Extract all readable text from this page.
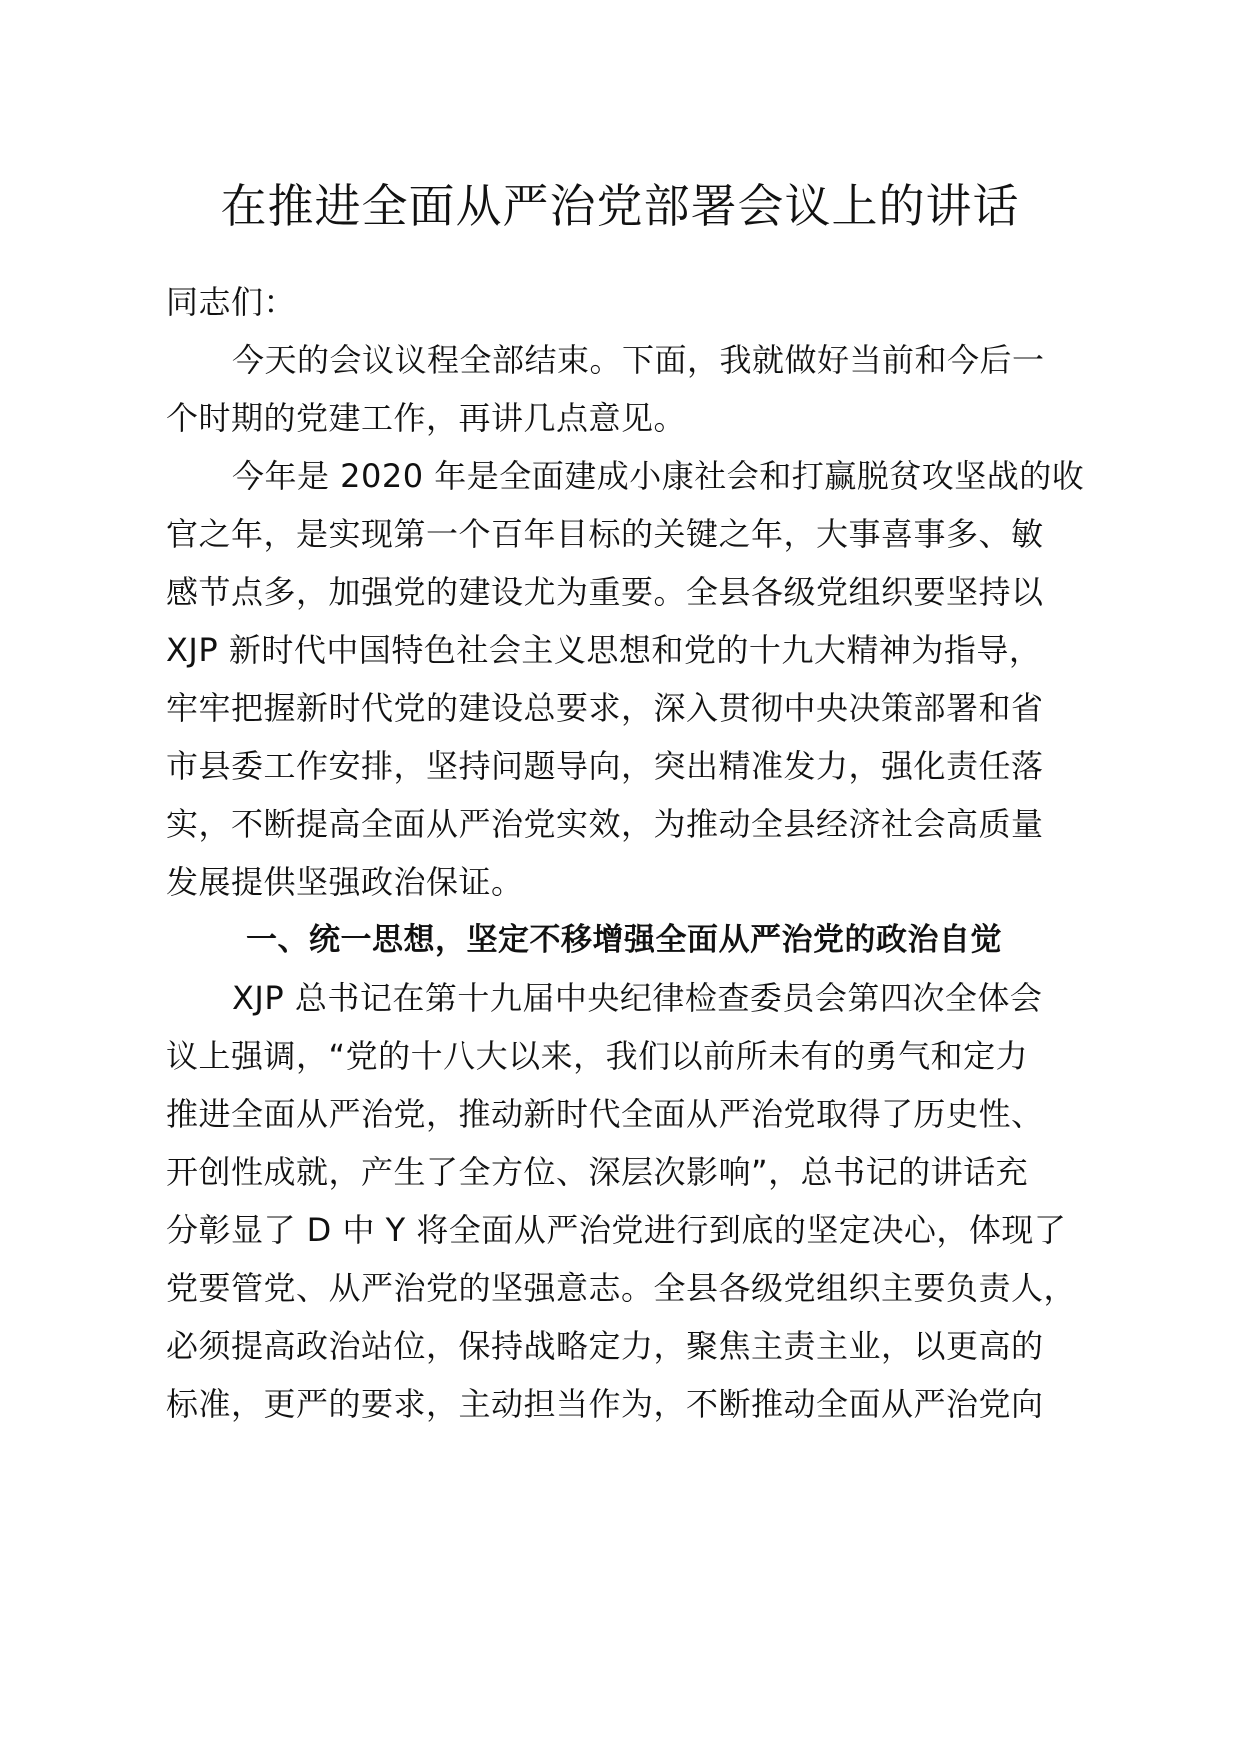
在推进全面从严治党部署会议上的讲话

同志们：

今天的会议议程全部结束。下面，我就做好当前和今后一

个时期的党建工作，再讲几点意见。

今年是 2020 年是全面建成小康社会和打赢脱贫攻坚战的收

官之年，是实现第一个百年目标的关键之年，大事喜事多、敏

感节点多，加强党的建设尤为重要。全县各级党组织要坚持以

XJP 新时代中国特色社会主义思想和党的十九大精神为指导，

牢牢把握新时代党的建设总要求，深入贯彻中央决策部署和省

市县委工作安排，坚持问题导向，突出精准发力，强化责任落

实，不断提高全面从严治党实效，为推动全县经济社会高质量

发展提供坚强政治保证。

一、统一思想，坚定不移增强全面从严治党的政治自觉

XJP 总书记在第十九届中央纪律检查委员会第四次全体会

议上强调，“党的十八大以来，我们以前所未有的勇气和定力

推进全面从严治党，推动新时代全面从严治党取得了历史性、

开创性成就，产生了全方位、深层次影响”，总书记的讲话充

分彰显了 D 中 Y 将全面从严治党进行到底的坚定决心，体现了

党要管党、从严治党的坚强意志。全县各级党组织主要负责人，

必须提高政治站位，保持战略定力，聚焦主责主业，以更高的

标准，更严的要求，主动担当作为，不断推动全面从严治党向
